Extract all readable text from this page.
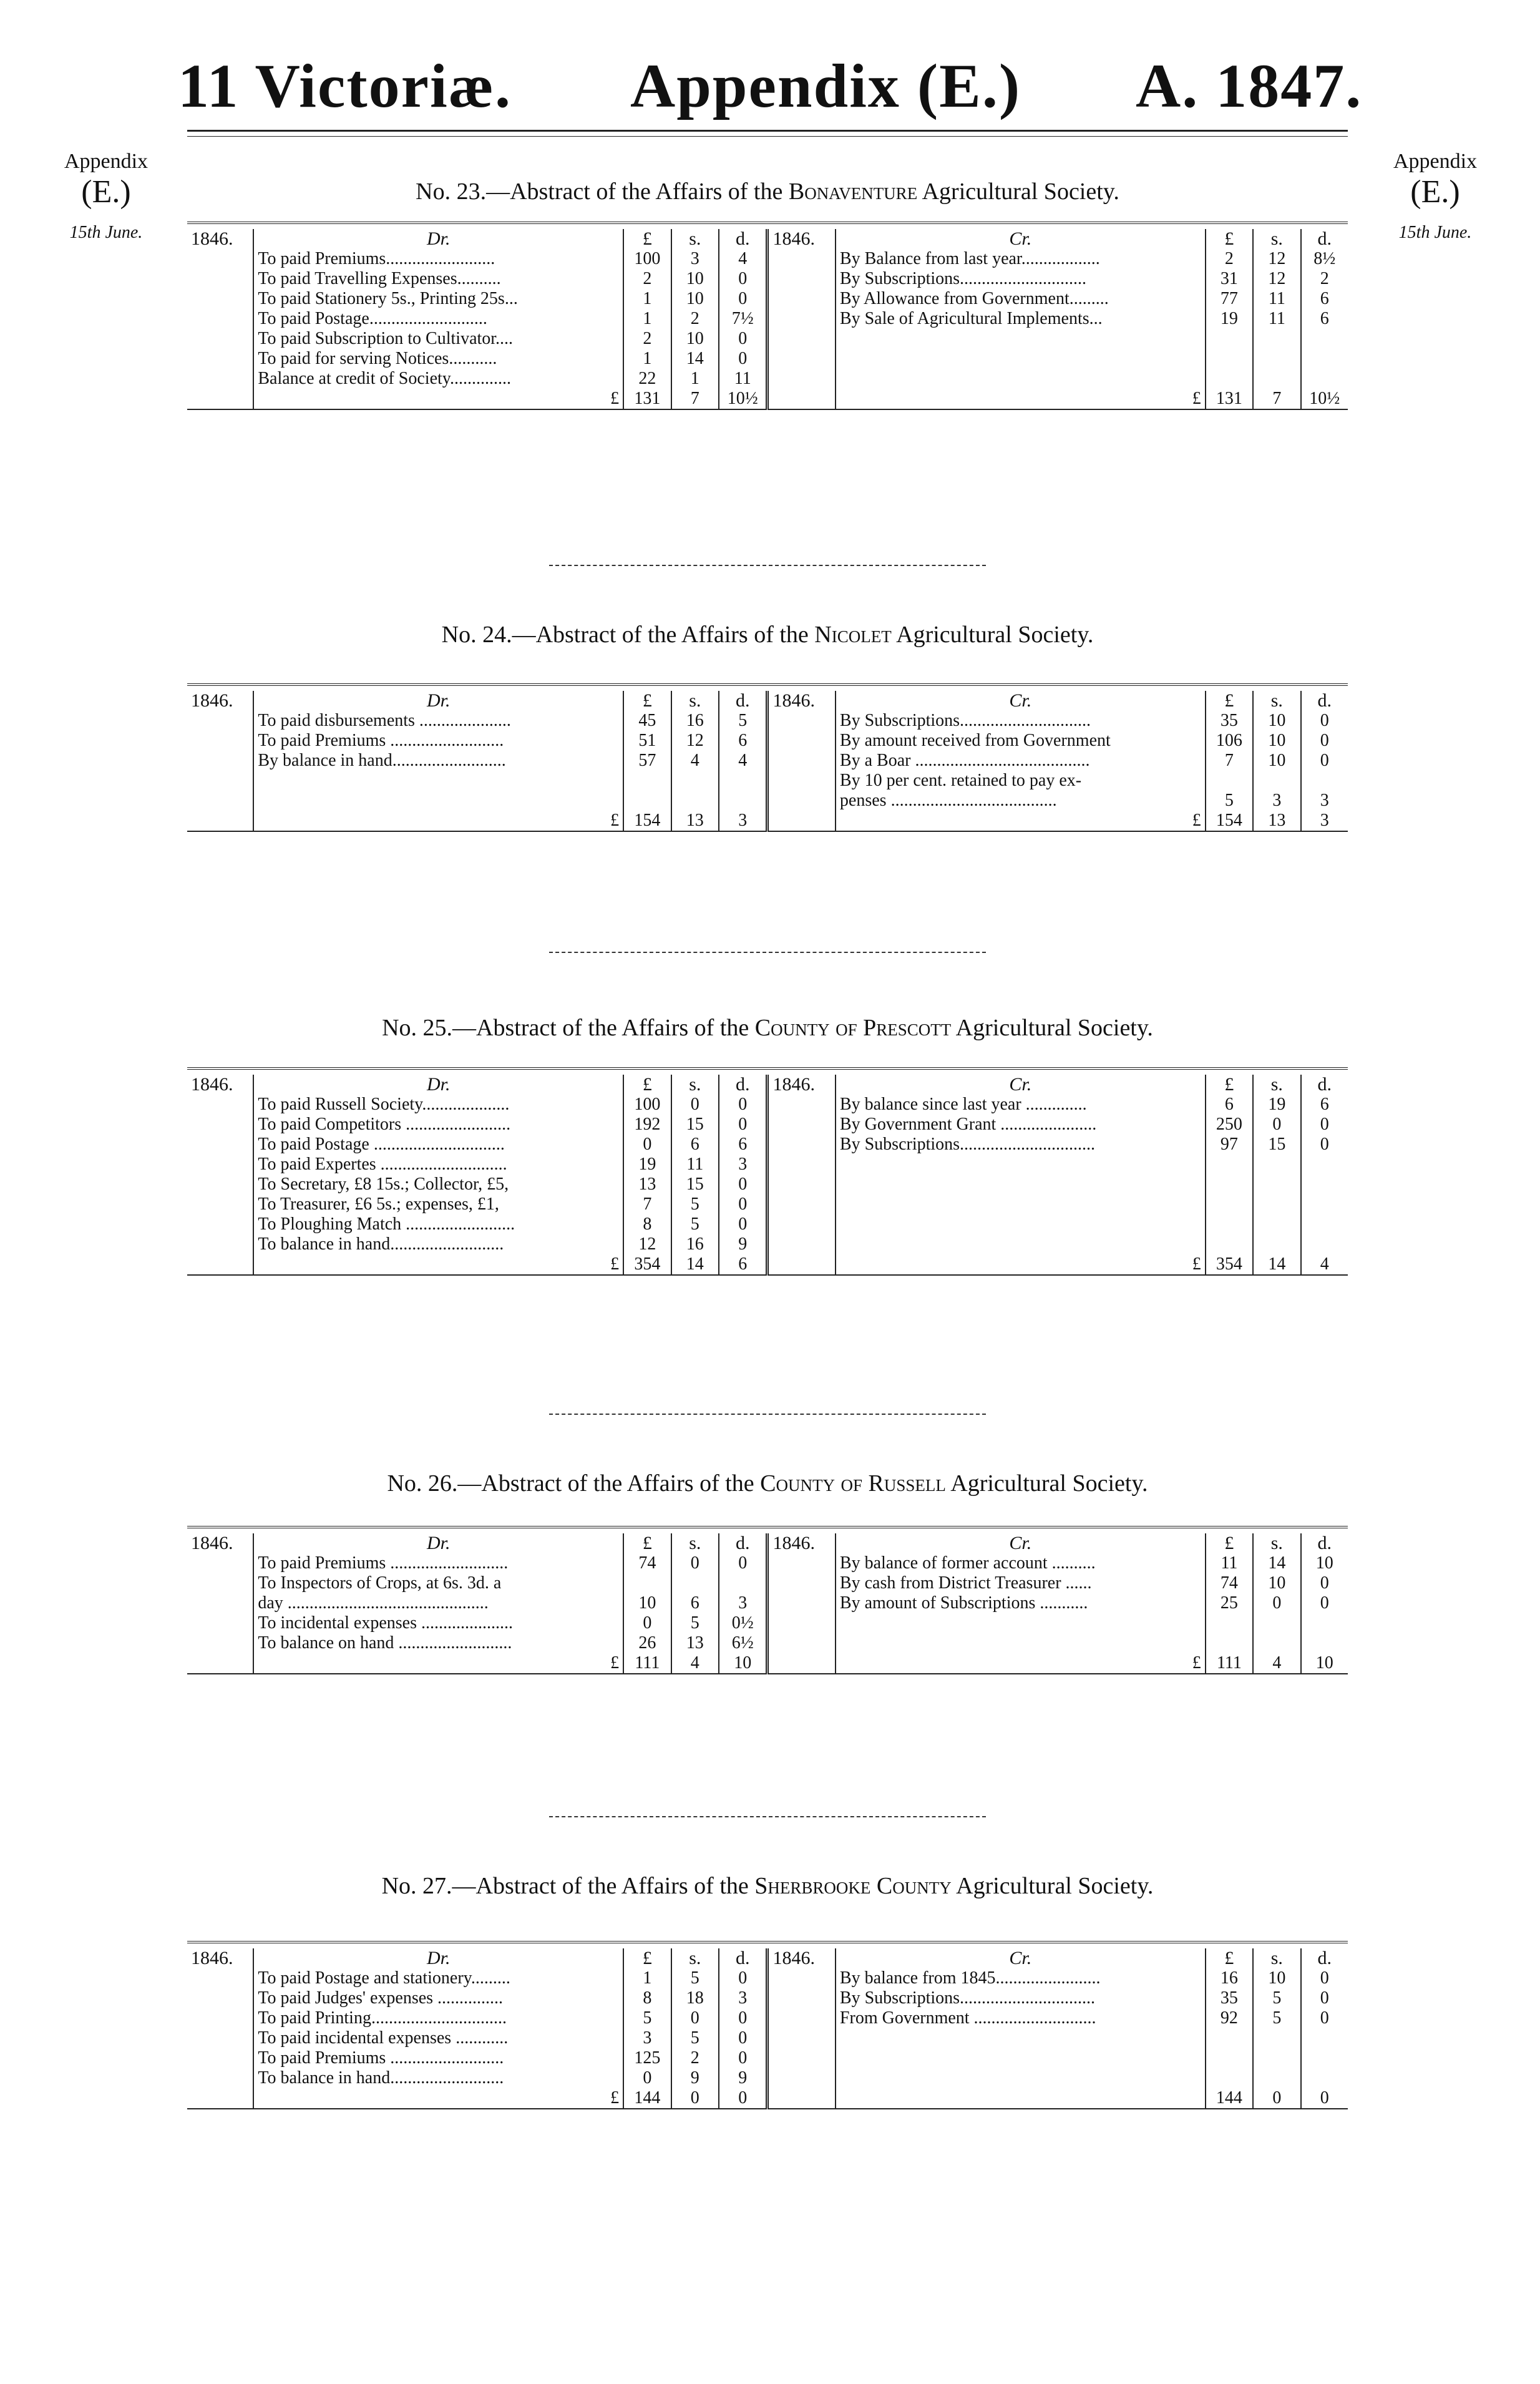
11 Victoriæ. Appendix (E.) A. 1847.
Appendix
(E.)
15th June.
Appendix
(E.)
15th June.
No. 23.—Abstract of the Affairs of the Bonaventure Agricultural Society.
1846.	Dr.	£	s.	d.	1846.	Cr.	£	s.	d.
	To paid Premiums.........................	100	3	4		By Balance from last year..................	2	12	8½
	To paid Travelling Expenses..........	2	10	0		By Subscriptions.............................	31	12	2
	To paid Stationery 5s., Printing 25s...	1	10	0		By Allowance from Government.........	77	11	6
	To paid Postage...........................	1	2	7½		By Sale of Agricultural Implements...	19	11	6
	To paid Subscription to Cultivator....	2	10	0					
	To paid for serving Notices...........	1	14	0					
	Balance at credit of Society..............	22	1	11					
	£	131	7	10½		£	131	7	10½
No. 24.—Abstract of the Affairs of the Nicolet Agricultural Society.
1846.	Dr.	£	s.	d.	1846.	Cr.	£	s.	d.
	To paid disbursements .....................	45	16	5		By Subscriptions..............................	35	10	0
	To paid Premiums ..........................	51	12	6		By amount received from Government	106	10	0
	By balance in hand..........................	57	4	4		By a Boar ........................................	7	10	0
						By 10 per cent. retained to pay ex-			
						penses ......................................	5	3	3
	£	154	13	3		£	154	13	3
No. 25.—Abstract of the Affairs of the County of Prescott Agricultural Society.
1846.	Dr.	£	s.	d.	1846.	Cr.	£	s.	d.
	To paid Russell Society....................	100	0	0		By balance since last year ..............	6	19	6
	To paid Competitors ........................	192	15	0		By Government Grant ......................	250	0	0
	To paid Postage ..............................	0	6	6		By Subscriptions...............................	97	15	0
	To paid Expertes .............................	19	11	3					
	To Secretary, £8 15s.; Collector, £5,	13	15	0					
	To Treasurer, £6 5s.; expenses, £1,	7	5	0					
	To Ploughing Match .........................	8	5	0					
	To balance in hand..........................	12	16	9					
	£	354	14	6		£	354	14	4
No. 26.—Abstract of the Affairs of the County of Russell Agricultural Society.
1846.	Dr.	£	s.	d.	1846.	Cr.	£	s.	d.
	To paid Premiums ...........................	74	0	0		By balance of former account ..........	11	14	10
	To Inspectors of Crops, at 6s. 3d. a					By cash from District Treasurer ......	74	10	0
	day ..............................................	10	6	3		By amount of Subscriptions ...........	25	0	0
	To incidental expenses .....................	0	5	0½					
	To balance on hand ..........................	26	13	6½					
	£	111	4	10		£	111	4	10
No. 27.—Abstract of the Affairs of the Sherbrooke County Agricultural Society.
1846.	Dr.	£	s.	d.	1846.	Cr.	£	s.	d.
	To paid Postage and stationery.........	1	5	0		By balance from 1845........................	16	10	0
	To paid Judges' expenses ...............	8	18	3		By Subscriptions...............................	35	5	0
	To paid Printing...............................	5	0	0		From Government ............................	92	5	0
	To paid incidental expenses ............	3	5	0					
	To paid Premiums ..........................	125	2	0					
	To balance in hand..........................	0	9	9					
	£	144	0	0			144	0	0
